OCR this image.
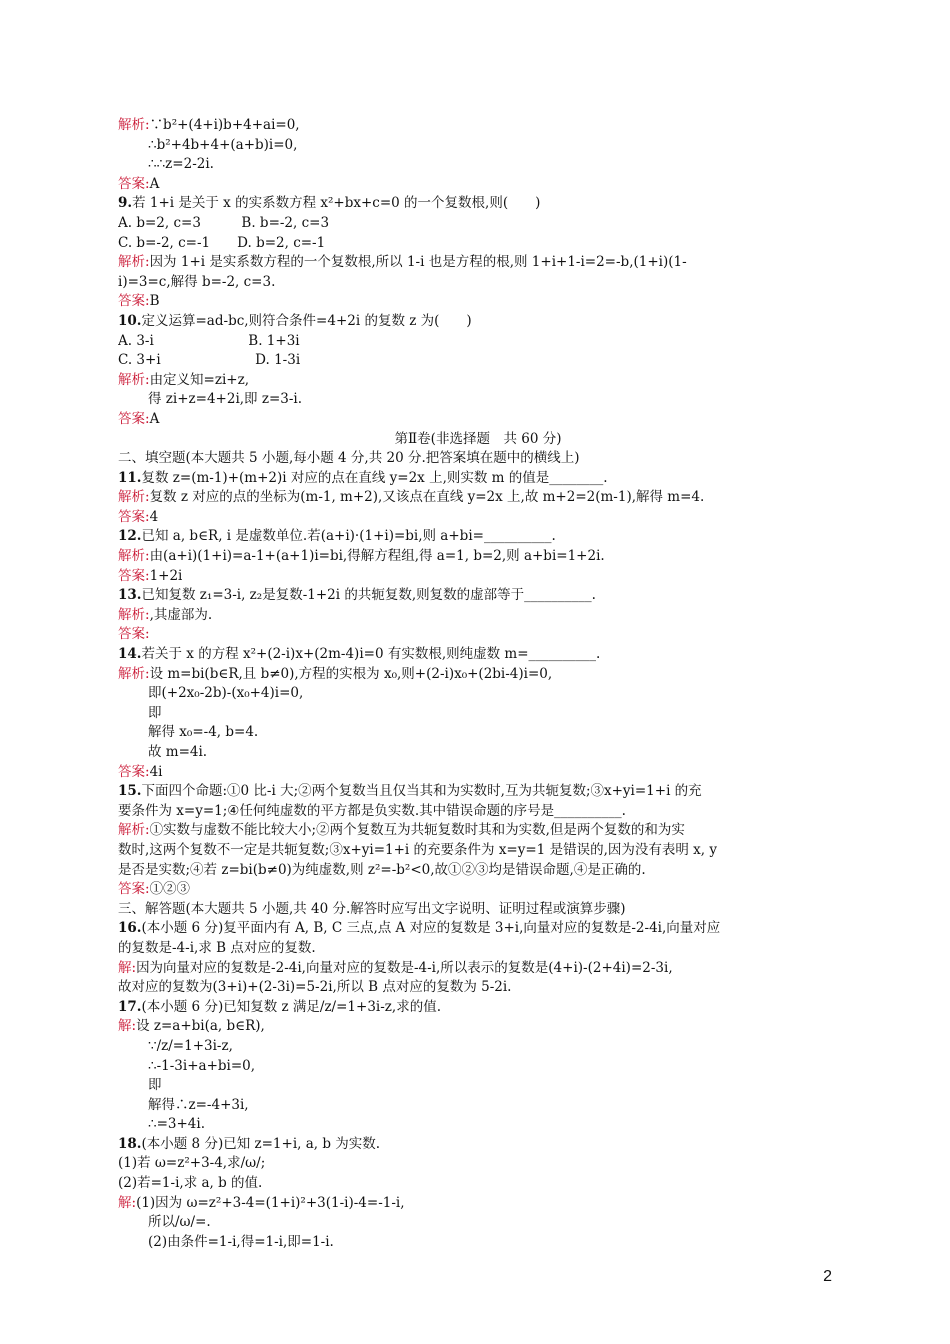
解析:∵b²+(4+i)b+4+ai=0,
∴b²+4b+4+(a+b)i=0,
∴∴z=2-2i.
答案:A
9.若 1+i 是关于 x 的实系数方程 x²+bx+c=0 的一个复数根,则(　　)
A. b=2, c=3　　　B. b=-2, c=3
C. b=-2, c=-1　　D. b=2, c=-1
解析:因为 1+i 是实系数方程的一个复数根,所以 1-i 也是方程的根,则 1+i+1-i=2=-b,(1+i)(1-
i)=3=c,解得 b=-2, c=3.
答案:B
10.定义运算=ad-bc,则符合条件=4+2i 的复数 z 为(　　)
A. 3-i　　　　　　　B. 1+3i
C. 3+i　　　　　　　D. 1-3i
解析:由定义知=zi+z,
得 zi+z=4+2i,即 z=3-i.
答案:A
第Ⅱ卷(非选择题　共 60 分)
二、填空题(本大题共 5 小题,每小题 4 分,共 20 分.把答案填在题中的横线上)
11.复数 z=(m-1)+(m+2)i 对应的点在直线 y=2x 上,则实数 m 的值是________.
解析:复数 z 对应的点的坐标为(m-1, m+2),又该点在直线 y=2x 上,故 m+2=2(m-1),解得 m=4.
答案:4
12.已知 a, b∈R, i 是虚数单位.若(a+i)·(1+i)=bi,则 a+bi=__________.
解析:由(a+i)(1+i)=a-1+(a+1)i=bi,得解方程组,得 a=1, b=2,则 a+bi=1+2i.
答案:1+2i
13.已知复数 z₁=3-i, z₂是复数-1+2i 的共轭复数,则复数的虚部等于__________.
解析:,其虚部为.
答案:
14.若关于 x 的方程 x²+(2-i)x+(2m-4)i=0 有实数根,则纯虚数 m=__________.
解析:设 m=bi(b∈R,且 b≠0),方程的实根为 x₀,则+(2-i)x₀+(2bi-4)i=0,
即(+2x₀-2b)-(x₀+4)i=0,
即
解得 x₀=-4, b=4.
故 m=4i.
答案:4i
15.下面四个命题:①0 比-i 大;②两个复数当且仅当其和为实数时,互为共轭复数;③x+yi=1+i 的充
要条件为 x=y=1;④任何纯虚数的平方都是负实数.其中错误命题的序号是__________.
解析:①实数与虚数不能比较大小;②两个复数互为共轭复数时其和为实数,但是两个复数的和为实
数时,这两个复数不一定是共轭复数;③x+yi=1+i 的充要条件为 x=y=1 是错误的,因为没有表明 x, y
是否是实数;④若 z=bi(b≠0)为纯虚数,则 z²=-b²<0,故①②③均是错误命题,④是正确的.
答案:①②③
三、解答题(本大题共 5 小题,共 40 分.解答时应写出文字说明、证明过程或演算步骤)
16.(本小题 6 分)复平面内有 A, B, C 三点,点 A 对应的复数是 3+i,向量对应的复数是-2-4i,向量对应
的复数是-4-i,求 B 点对应的复数.
解:因为向量对应的复数是-2-4i,向量对应的复数是-4-i,所以表示的复数是(4+i)-(2+4i)=2-3i,
故对应的复数为(3+i)+(2-3i)=5-2i,所以 B 点对应的复数为 5-2i.
17.(本小题 6 分)已知复数 z 满足/z/=1+3i-z,求的值.
解:设 z=a+bi(a, b∈R),
∵/z/=1+3i-z,
∴-1-3i+a+bi=0,
即
解得∴z=-4+3i,
∴=3+4i.
18.(本小题 8 分)已知 z=1+i, a, b 为实数.
(1)若 ω=z²+3-4,求/ω/;
(2)若=1-i,求 a, b 的值.
解:(1)因为 ω=z²+3-4=(1+i)²+3(1-i)-4=-1-i,
所以/ω/=.
(2)由条件=1-i,得=1-i,即=1-i.
2
